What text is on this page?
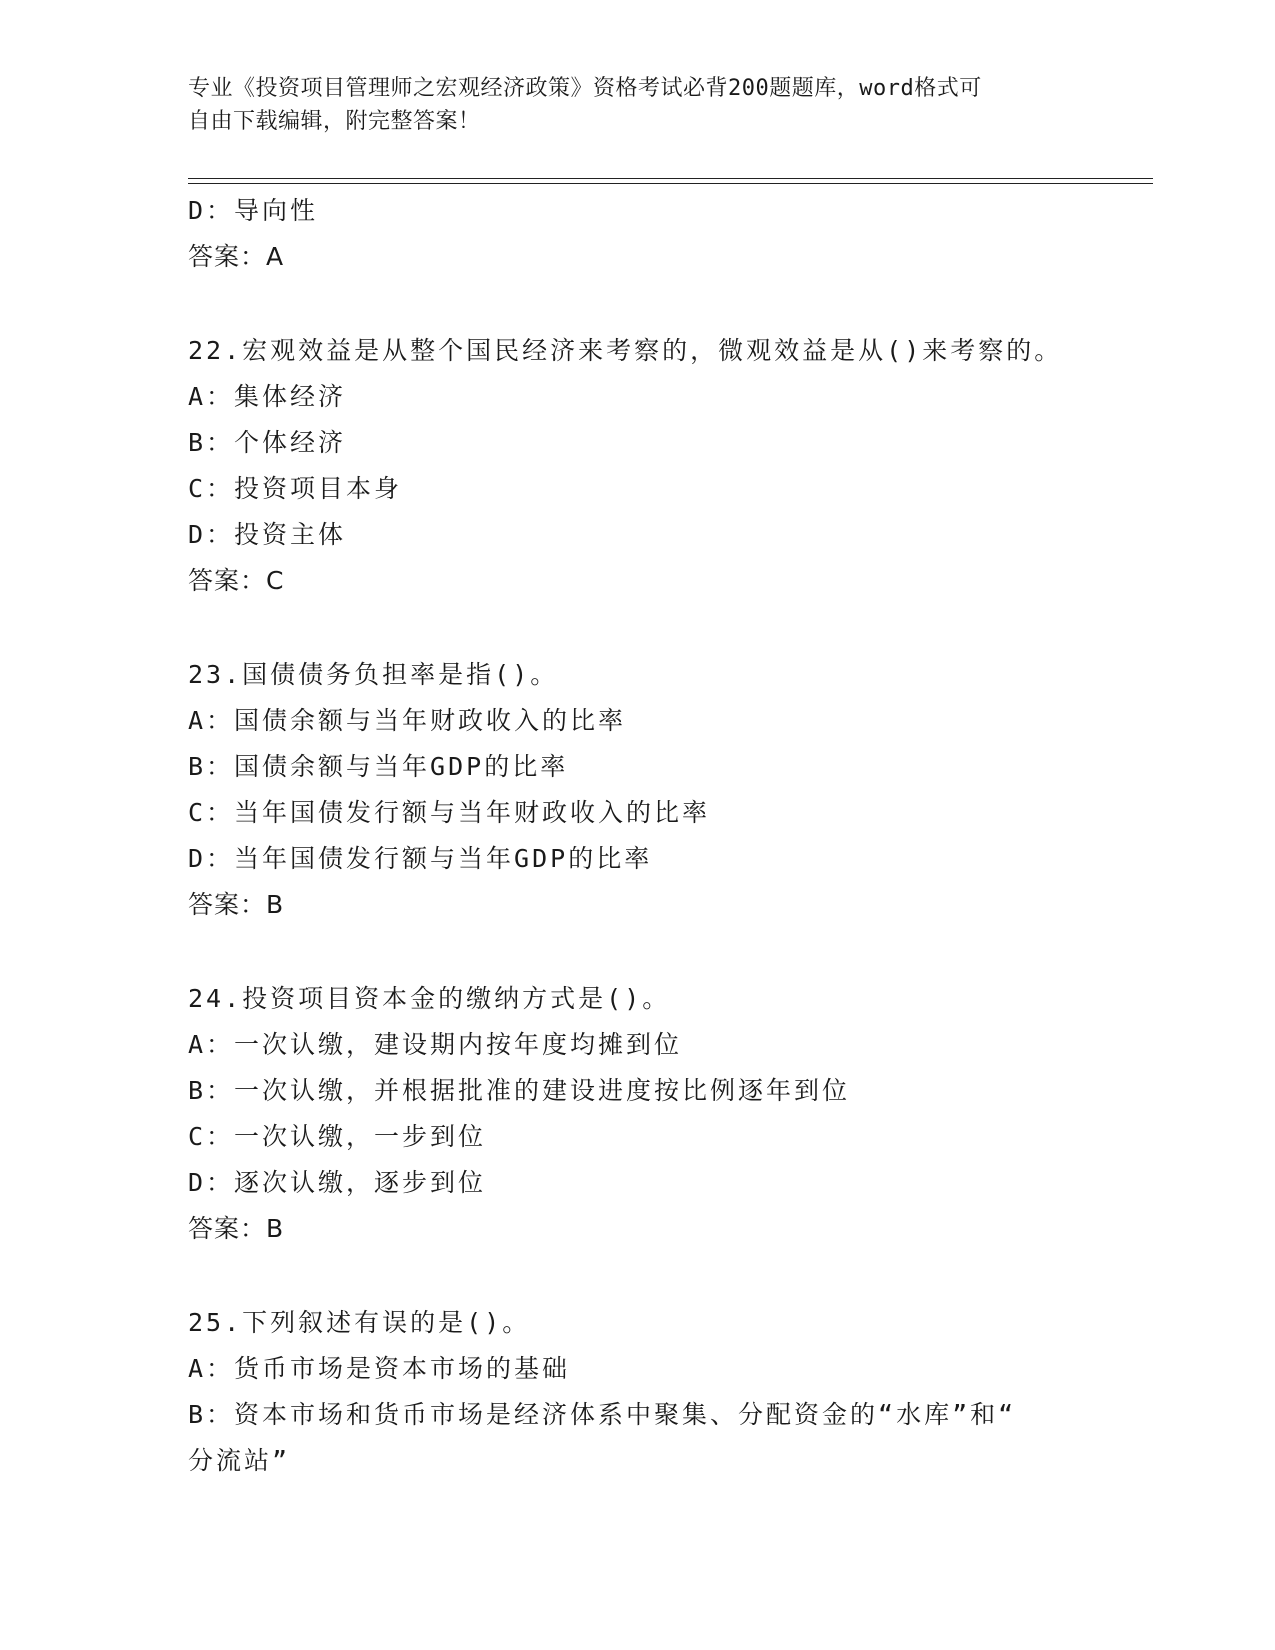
专业《投资项目管理师之宏观经济政策》资格考试必背200题题库，word格式可
自由下载编辑，附完整答案！
D：导向性
答案：A
22.宏观效益是从整个国民经济来考察的，微观效益是从()来考察的。
A：集体经济
B：个体经济
C：投资项目本身
D：投资主体
答案：C
23.国债债务负担率是指()。
A：国债余额与当年财政收入的比率
B：国债余额与当年GDP的比率
C：当年国债发行额与当年财政收入的比率
D：当年国债发行额与当年GDP的比率
答案：B
24.投资项目资本金的缴纳方式是()。
A：一次认缴，建设期内按年度均摊到位
B：一次认缴，并根据批准的建设进度按比例逐年到位
C：一次认缴，一步到位
D：逐次认缴，逐步到位
答案：B
25.下列叙述有误的是()。
A：货币市场是资本市场的基础
B：资本市场和货币市场是经济体系中聚集、分配资金的“水库”和“
分流站”
